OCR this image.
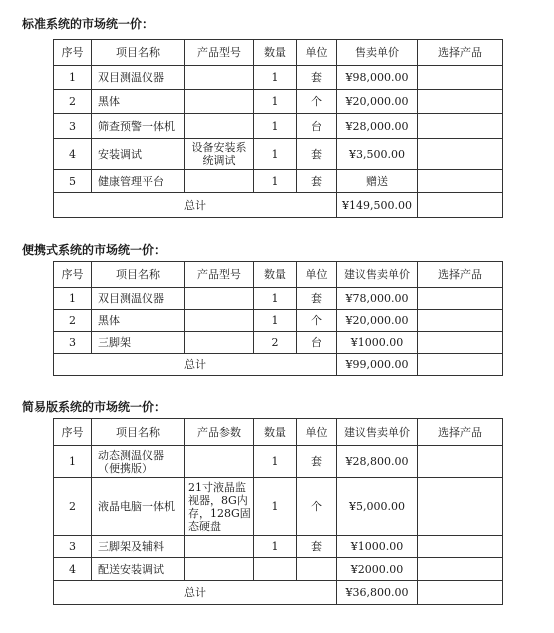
标准系统的市场统一价：
序号	项目名称	产品型号	数量	单位	售卖单价	选择产品
1	双目测温仪器		1	套	¥98,000.00	
2	黑体		1	个	¥20,000.00	
3	筛查预警一体机		1	台	¥28,000.00	
4	安装调试	设备安装系统调试	1	套	¥3,500.00	
5	健康管理平台		1	套	赠送	
总计					¥149,500.00	
便携式系统的市场统一价：
序号	项目名称	产品型号	数量	单位	建议售卖单价	选择产品
1	双目测温仪器		1	套	¥78,000.00	
2	黑体		1	个	¥20,000.00	
3	三脚架		2	台	¥1000.00	
总计					¥99,000.00	
简易版系统的市场统一价：
序号	项目名称	产品参数	数量	单位	建议售卖单价	选择产品
1	动态测温仪器（便携版）		1	套	¥28,800.00	
2	液晶电脑一体机	21寸液晶监视器，8G内存，128G固态硬盘	1	个	¥5,000.00	
3	三脚架及辅料		1	套	¥1000.00	
4	配送安装调试				¥2000.00	
总计					¥36,800.00	
